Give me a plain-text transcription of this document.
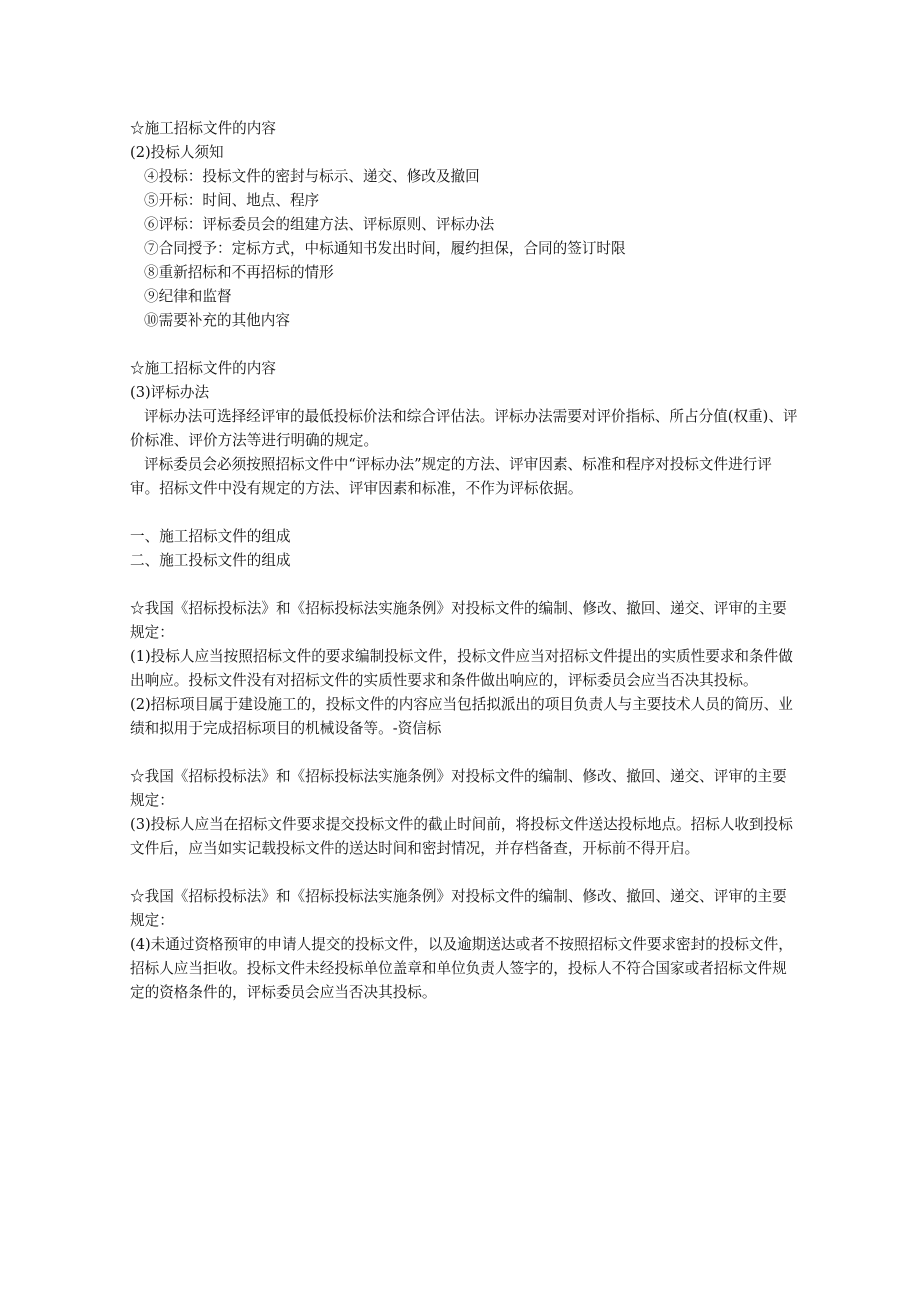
☆施工招标文件的内容
(2)投标人须知
④投标：投标文件的密封与标示、递交、修改及撤回
⑤开标：时间、地点、程序
⑥评标：评标委员会的组建方法、评标原则、评标办法
⑦合同授予：定标方式，中标通知书发出时间，履约担保，合同的签订时限
⑧重新招标和不再招标的情形
⑨纪律和监督
⑩需要补充的其他内容
☆施工招标文件的内容
(3)评标办法
评标办法可选择经评审的最低投标价法和综合评估法。评标办法需要对评价指标、所占分值(权重)、评价标准、评价方法等进行明确的规定。
评标委员会必须按照招标文件中“评标办法”规定的方法、评审因素、标准和程序对投标文件进行评审。招标文件中没有规定的方法、评审因素和标准，不作为评标依据。
一、施工招标文件的组成
二、施工投标文件的组成
☆我国《招标投标法》和《招标投标法实施条例》对投标文件的编制、修改、撤回、递交、评审的主要规定：
(1)投标人应当按照招标文件的要求编制投标文件，投标文件应当对招标文件提出的实质性要求和条件做出响应。投标文件没有对招标文件的实质性要求和条件做出响应的，评标委员会应当否决其投标。
(2)招标项目属于建设施工的，投标文件的内容应当包括拟派出的项目负责人与主要技术人员的简历、业绩和拟用于完成招标项目的机械设备等。-资信标
☆我国《招标投标法》和《招标投标法实施条例》对投标文件的编制、修改、撤回、递交、评审的主要规定：
(3)投标人应当在招标文件要求提交投标文件的截止时间前，将投标文件送达投标地点。招标人收到投标文件后，应当如实记载投标文件的送达时间和密封情况，并存档备查，开标前不得开启。
☆我国《招标投标法》和《招标投标法实施条例》对投标文件的编制、修改、撤回、递交、评审的主要规定：
(4)未通过资格预审的申请人提交的投标文件，以及逾期送达或者不按照招标文件要求密封的投标文件，招标人应当拒收。投标文件未经投标单位盖章和单位负责人签字的，投标人不符合国家或者招标文件规定的资格条件的，评标委员会应当否决其投标。
